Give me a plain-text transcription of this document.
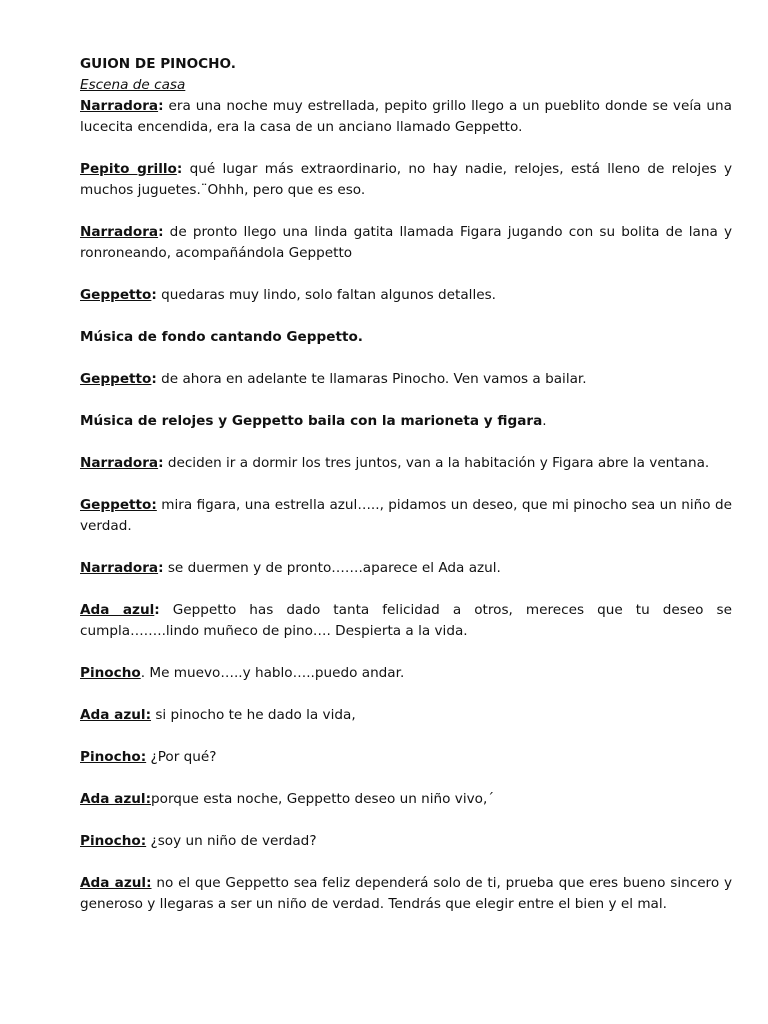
GUION DE PINOCHO.

Escena de casa

Narradora: era una noche muy estrellada, pepito grillo llego a un pueblito donde se veía una lucecita encendida, era la casa de un anciano llamado Geppetto.

Pepito grillo: qué lugar más extraordinario, no hay nadie, relojes, está lleno de relojes y muchos juguetes.¨Ohhh, pero que es eso.

Narradora: de pronto llego una linda gatita llamada Figara jugando con su bolita de lana y ronroneando, acompañándola Geppetto

Geppetto: quedaras muy lindo, solo faltan algunos detalles.

Música de fondo cantando Geppetto.

Geppetto: de ahora en adelante te llamaras Pinocho. Ven vamos a bailar.

Música de relojes y Geppetto baila con la marioneta y figara.

Narradora: deciden ir a dormir los tres juntos, van a la habitación y Figara abre la ventana.

Geppetto: mira figara, una estrella azul….., pidamos un deseo, que mi pinocho sea un niño de verdad.

Narradora: se duermen y de pronto…….aparece el Ada azul.

Ada azul: Geppetto has dado tanta felicidad a otros, mereces que tu deseo se cumpla……..lindo muñeco de pino…. Despierta a la vida.

Pinocho. Me muevo…..y hablo…..puedo andar.

Ada azul: si pinocho te he dado la vida,

Pinocho: ¿Por qué?

Ada azul:porque esta noche, Geppetto deseo un niño vivo,´

Pinocho: ¿soy un niño de verdad?

Ada azul: no el que Geppetto sea feliz dependerá solo de ti, prueba que eres bueno sincero y generoso y llegaras a ser un niño de verdad. Tendrás que elegir entre el bien y el mal.
